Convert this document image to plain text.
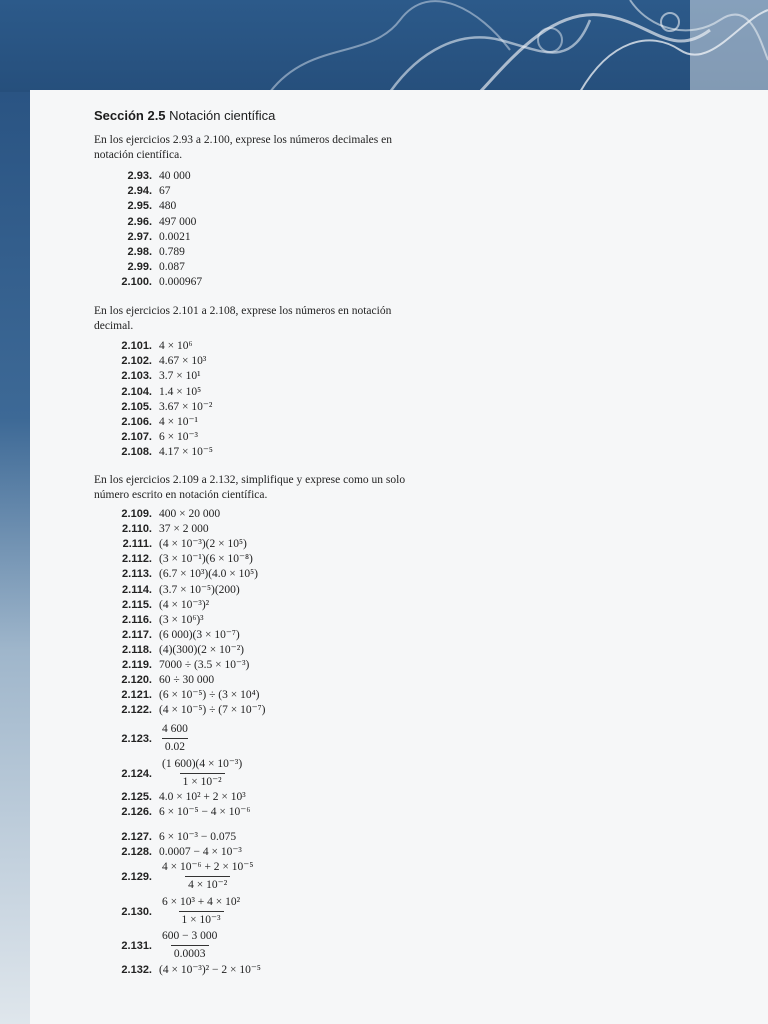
Sección 2.5 Notación científica
En los ejercicios 2.93 a 2.100, exprese los números decimales en notación científica.
2.93. 40 000
2.94. 67
2.95. 480
2.96. 497 000
2.97. 0.0021
2.98. 0.789
2.99. 0.087
2.100. 0.000967
En los ejercicios 2.101 a 2.108, exprese los números en notación decimal.
2.101. 4 × 10⁶
2.102. 4.67 × 10³
2.103. 3.7 × 10¹
2.104. 1.4 × 10⁵
2.105. 3.67 × 10⁻²
2.106. 4 × 10⁻¹
2.107. 6 × 10⁻³
2.108. 4.17 × 10⁻⁵
En los ejercicios 2.109 a 2.132, simplifique y exprese como un solo número escrito en notación científica.
2.109. 400 × 20 000
2.110. 37 × 2 000
2.111. (4 × 10⁻³)(2 × 10⁵)
2.112. (3 × 10⁻¹)(6 × 10⁻⁸)
2.113. (6.7 × 10³)(4.0 × 10⁵)
2.114. (3.7 × 10⁻⁵)(200)
2.115. (4 × 10⁻³)²
2.116. (3 × 10⁶)³
2.117. (6 000)(3 × 10⁻⁷)
2.118. (4)(300)(2 × 10⁻²)
2.119. 7000 ÷ (3.5 × 10⁻³)
2.120. 60 ÷ 30 000
2.121. (6 × 10⁻⁵) ÷ (3 × 10⁴)
2.122. (4 × 10⁻⁵) ÷ (7 × 10⁻⁷)
2.123. $\frac{4 600}{0.02}$
2.124. $\frac{\text{(1 600)(4 × 10⁻³)}}{\text{1 × 10⁻²}}$
2.125. 4.0 × 10² + 2 × 10³
2.126. 6 × 10⁻⁵ − 4 × 10⁻⁶
2.127. 6 × 10⁻³ − 0.075
2.128. 0.0007 − 4 × 10⁻³
2.129. $\frac{\text{4 × 10⁻⁶ + 2 × 10⁻⁵}}{\text{4 × 10⁻²}}$
2.130. $\frac{\text{6 × 10³ + 4 × 10²}}{\text{1 × 10⁻³}}$
2.131. $\frac{600 - 3 000}{0.0003}$
2.132. (4 × 10⁻³)² − 2 × 10⁻⁵
